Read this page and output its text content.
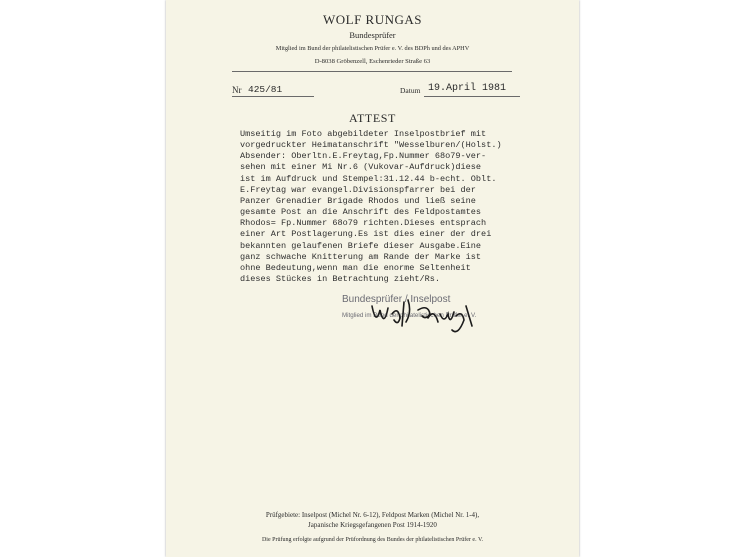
WOLF RUNGAS
Bundesprüfer
Mitglied im Bund der philatelistischen Prüfer e. V. des BDPh und des APHV
D-8038 Gröbenzell, Eschenrieder Straße 63
Nr 425/81	Datum 19.April 1981
ATTEST
Umseitig im Foto abgebildeter Inselpostbrief mit
vorgedruckter Heimatanschrift "Wesselburen/(Holst.)
Absender: Oberltn.E.Freytag,Fp.Nummer 68o79-ver-
sehen mit einer Mi Nr.6 (Vukovar-Aufdruck)diese
ist im Aufdruck und Stempel:31.12.44 b-echt. Oblt.
E.Freytag war evangel.Divisionspfarrer bei der
Panzer Grenadier Brigade Rhodos und ließ seine
gesamte Post an die Anschrift des Feldpostamtes
Rhodos= Fp.Nummer 68o79 richten.Dieses entsprach
einer Art Postlagerung.Es ist dies einer der drei
bekannten gelaufenen Briefe dieser Ausgabe.Eine
ganz schwache Knitterung am Rande der Marke ist
ohne Bedeutung,wenn man die enorme Seltenheit
dieses Stückes in Betrachtung zieht/Rs.
Bundesprüfer / Inselpost
Mitglied im Bund der philatelistischen Prüfer e. V.
Prüfgebiete: Inselpost (Michel Nr. 6-12), Feldpost Marken (Michel Nr. 1-4),
Japanische Kriegsgefangenen Post 1914-1920
Die Prüfung erfolgte aufgrund der Prüfordnung des Bundes der philatelistischen Prüfer e. V.
